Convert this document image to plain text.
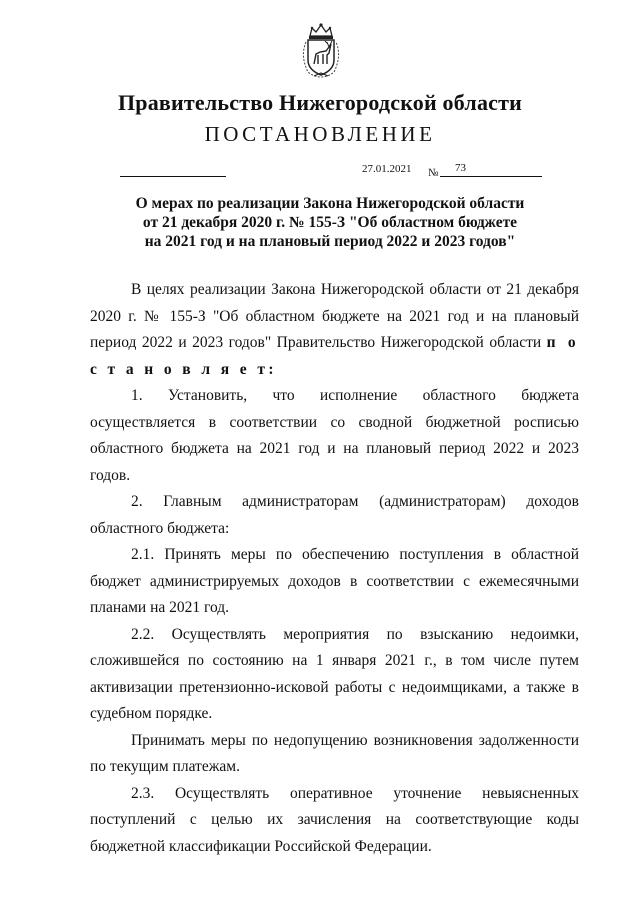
Правительство Нижегородской области
ПОСТАНОВЛЕНИЕ
27.01.2021 № 73
О мерах по реализации Закона Нижегородской области
от 21 декабря 2020 г. № 155-З "Об областном бюджете
на 2021 год и на плановый период 2022 и 2023 годов"

В целях реализации Закона Нижегородской области от 21 декабря 2020 г. № 155-З "Об областном бюджете на 2021 год и на плановый период 2022 и 2023 годов" Правительство Нижегородской области п о с т а н о в л я е т:

1. Установить, что исполнение областного бюджета осуществляется в соответствии со сводной бюджетной росписью областного бюджета на 2021 год и на плановый период 2022 и 2023 годов.

2. Главным администраторам (администраторам) доходов

областного бюджета:

2.1. Принять меры по обеспечению поступления в областной бюджет администрируемых доходов в соответствии с ежемесячными планами на 2021 год.

2.2. Осуществлять мероприятия по взысканию недоимки, сложившейся по состоянию на 1 января 2021 г., в том числе путем активизации претензионно-исковой работы с недоимщиками, а также в судебном порядке.

Принимать меры по недопущению возникновения задолженности по текущим платежам.

2.3. Осуществлять оперативное уточнение невыясненных поступлений с целью их зачисления на соответствующие коды бюджетной классификации Российской Федерации.
